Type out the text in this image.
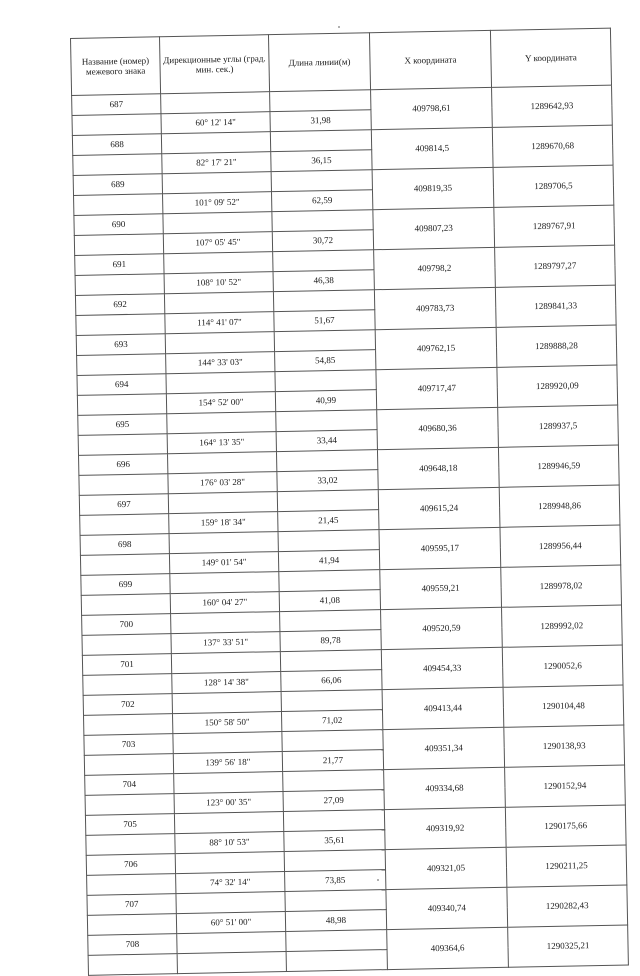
Название (номер) межевого знака	Дирекционные углы (град. мин. сек.)	Длина линии(м)	X координата	Y координата
687			409798,61	1289642,93
	60° 12' 14"	31,98		
688			409814,5	1289670,68
	82° 17' 21"	36,15		
689			409819,35	1289706,5
	101° 09' 52"	62,59		
690			409807,23	1289767,91
	107° 05' 45"	30,72		
691			409798,2	1289797,27
	108° 10' 52"	46,38		
692			409783,73	1289841,33
	114° 41' 07"	51,67		
693			409762,15	1289888,28
	144° 33' 03"	54,85		
694			409717,47	1289920,09
	154° 52' 00"	40,99		
695			409680,36	1289937,5
	164° 13' 35"	33,44		
696			409648,18	1289946,59
	176° 03' 28"	33,02		
697			409615,24	1289948,86
	159° 18' 34"	21,45		
698			409595,17	1289956,44
	149° 01' 54"	41,94		
699			409559,21	1289978,02
	160° 04' 27"	41,08		
700			409520,59	1289992,02
	137° 33' 51"	89,78		
701			409454,33	1290052,6
	128° 14' 38"	66,06		
702			409413,44	1290104,48
	150° 58' 50"	71,02		
703			409351,34	1290138,93
	139° 56' 18"	21,77		
704			409334,68	1290152,94
	123° 00' 35"	27,09		
705			409319,92	1290175,66
	88° 10' 53"	35,61		
706			409321,05	1290211,25
	74° 32' 14"	73,85		
707			409340,74	1290282,43
	60° 51' 00"	48,98		
708			409364,6	1290325,21
